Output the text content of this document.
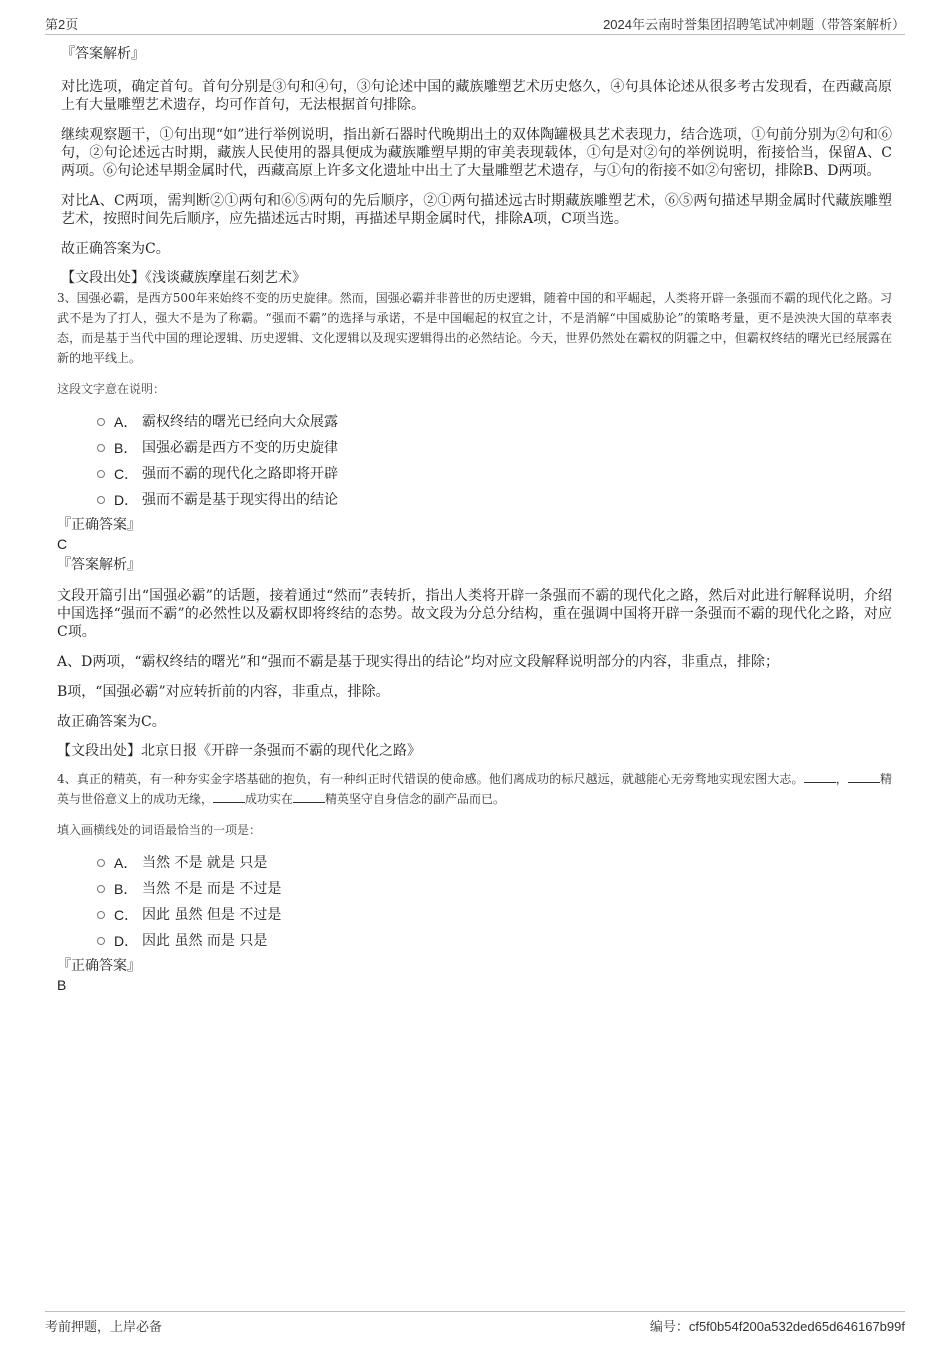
第2页	2024年云南时誉集团招聘笔试冲刺题（带答案解析）
『答案解析』

对比选项，确定首句。首句分别是③句和④句，③句论述中国的藏族雕塑艺术历史悠久，④句具体论述从很多考古发现看，在西藏高原上有大量雕塑艺术遗存，均可作首句，无法根据首句排除。

继续观察题干，①句出现“如”进行举例说明，指出新石器时代晚期出土的双体陶罐极具艺术表现力，结合选项，①句前分别为②句和⑥句，②句论述远古时期，藏族人民使用的器具便成为藏族雕塑早期的审美表现载体，①句是对②句的举例说明，衔接恰当，保留A、C两项。⑥句论述早期金属时代，西藏高原上许多文化遗址中出土了大量雕塑艺术遗存，与①句的衔接不如②句密切，排除B、D两项。

对比A、C两项，需判断②①两句和⑥⑤两句的先后顺序，②①两句描述远古时期藏族雕塑艺术，⑥⑤两句描述早期金属时代藏族雕塑艺术，按照时间先后顺序，应先描述远古时期，再描述早期金属时代，排除A项，C项当选。

故正确答案为C。

【文段出处】《浅谈藏族摩崖石刻艺术》
3、国强必霸，是西方500年来始终不变的历史旋律。然而，国强必霸并非普世的历史逻辑，随着中国的和平崛起，人类将开辟一条强而不霸的现代化之路。习武不是为了打人，强大不是为了称霸。“强而不霸”的选择与承诺，不是中国崛起的权宜之计，不是消解“中国威胁论”的策略考量，更不是泱泱大国的草率表态，而是基于当代中国的理论逻辑、历史逻辑、文化逻辑以及现实逻辑得出的必然结论。今天，世界仍然处在霸权的阴霾之中，但霸权终结的曙光已经展露在新的地平线上。
这段文字意在说明：
A． 霸权终结的曙光已经向大众展露
B． 国强必霸是西方不变的历史旋律
C． 强而不霸的现代化之路即将开辟
D． 强而不霸是基于现实得出的结论
『正确答案』
C
『答案解析』

文段开篇引出“国强必霸”的话题，接着通过“然而”表转折，指出人类将开辟一条强而不霸的现代化之路，然后对此进行解释说明，介绍中国选择“强而不霸”的必然性以及霸权即将终结的态势。故文段为分总分结构，重在强调中国将开辟一条强而不霸的现代化之路，对应C项。

A、D两项，“霸权终结的曙光”和“强而不霸是基于现实得出的结论”均对应文段解释说明部分的内容，非重点，排除；

B项，“国强必霸”对应转折前的内容，非重点，排除。

故正确答案为C。

【文段出处】北京日报《开辟一条强而不霸的现代化之路》
4、真正的精英，有一种夯实金字塔基础的抱负，有一种纠正时代错误的使命感。他们离成功的标尺越远，就越能心无旁骛地实现宏图大志。	，	精英与世俗意义上的成功无缘，	成功实在	精英坚守自身信念的副产品而已。
填入画横线处的词语最恰当的一项是：
A． 当然 不是 就是 只是
B． 当然 不是 而是 不过是
C． 因此 虽然 但是 不过是
D． 因此 虽然 而是 只是
『正确答案』
B
考前押题，上岸必备	编号：cf5f0b54f200a532ded65d646167b99f
